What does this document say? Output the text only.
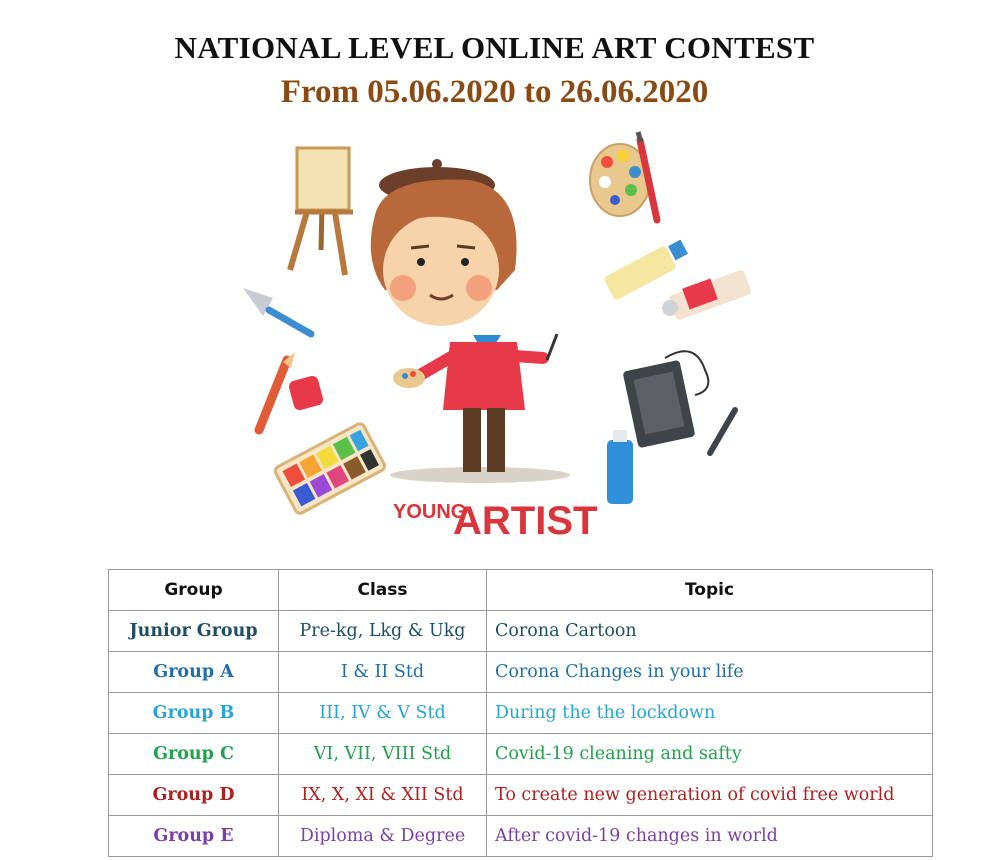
NATIONAL LEVEL ONLINE ART CONTEST
From 05.06.2020 to 26.06.2020
YOUNG
ARTIST
Group	Class	Topic
Junior Group	Pre-kg, Lkg & Ukg	Corona Cartoon
Group A	I & II Std	Corona Changes in your life
Group B	III, IV & V Std	During the the lockdown
Group C	VI, VII, VIII Std	Covid-19 cleaning and safty
Group D	IX, X, XI & XII Std	To create new generation of covid free world
Group E	Diploma & Degree	After covid-19 changes in world
